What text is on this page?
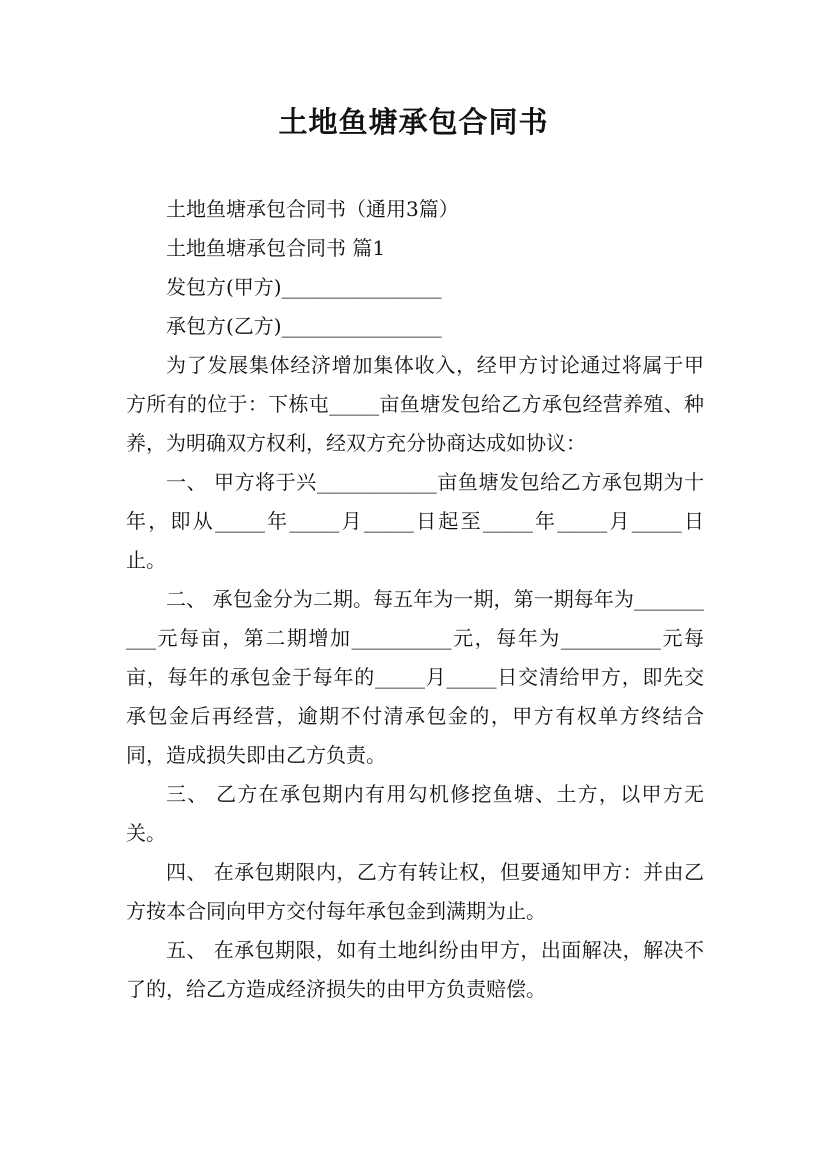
土地鱼塘承包合同书

土地鱼塘承包合同书（通用3篇）

土地鱼塘承包合同书 篇1

发包方(甲方)________________

承包方(乙方)________________

为了发展集体经济增加集体收入，经甲方讨论通过将属于甲方所有的位于：下栋屯_____亩鱼塘发包给乙方承包经营养殖、种养，为明确双方权利，经双方充分协商达成如协议：

一、 甲方将于兴____________亩鱼塘发包给乙方承包期为十年，即从_____年_____月_____日起至_____年_____月_____日止。

二、 承包金分为二期。每五年为一期，第一期每年为__________元每亩，第二期增加__________元，每年为__________元每亩，每年的承包金于每年的_____月_____日交清给甲方，即先交承包金后再经营，逾期不付清承包金的，甲方有权单方终结合同，造成损失即由乙方负责。

三、 乙方在承包期内有用勾机修挖鱼塘、土方，以甲方无关。

四、 在承包期限内，乙方有转让权，但要通知甲方：并由乙方按本合同向甲方交付每年承包金到满期为止。

五、 在承包期限，如有土地纠纷由甲方，出面解决，解决不了的，给乙方造成经济损失的由甲方负责赔偿。
